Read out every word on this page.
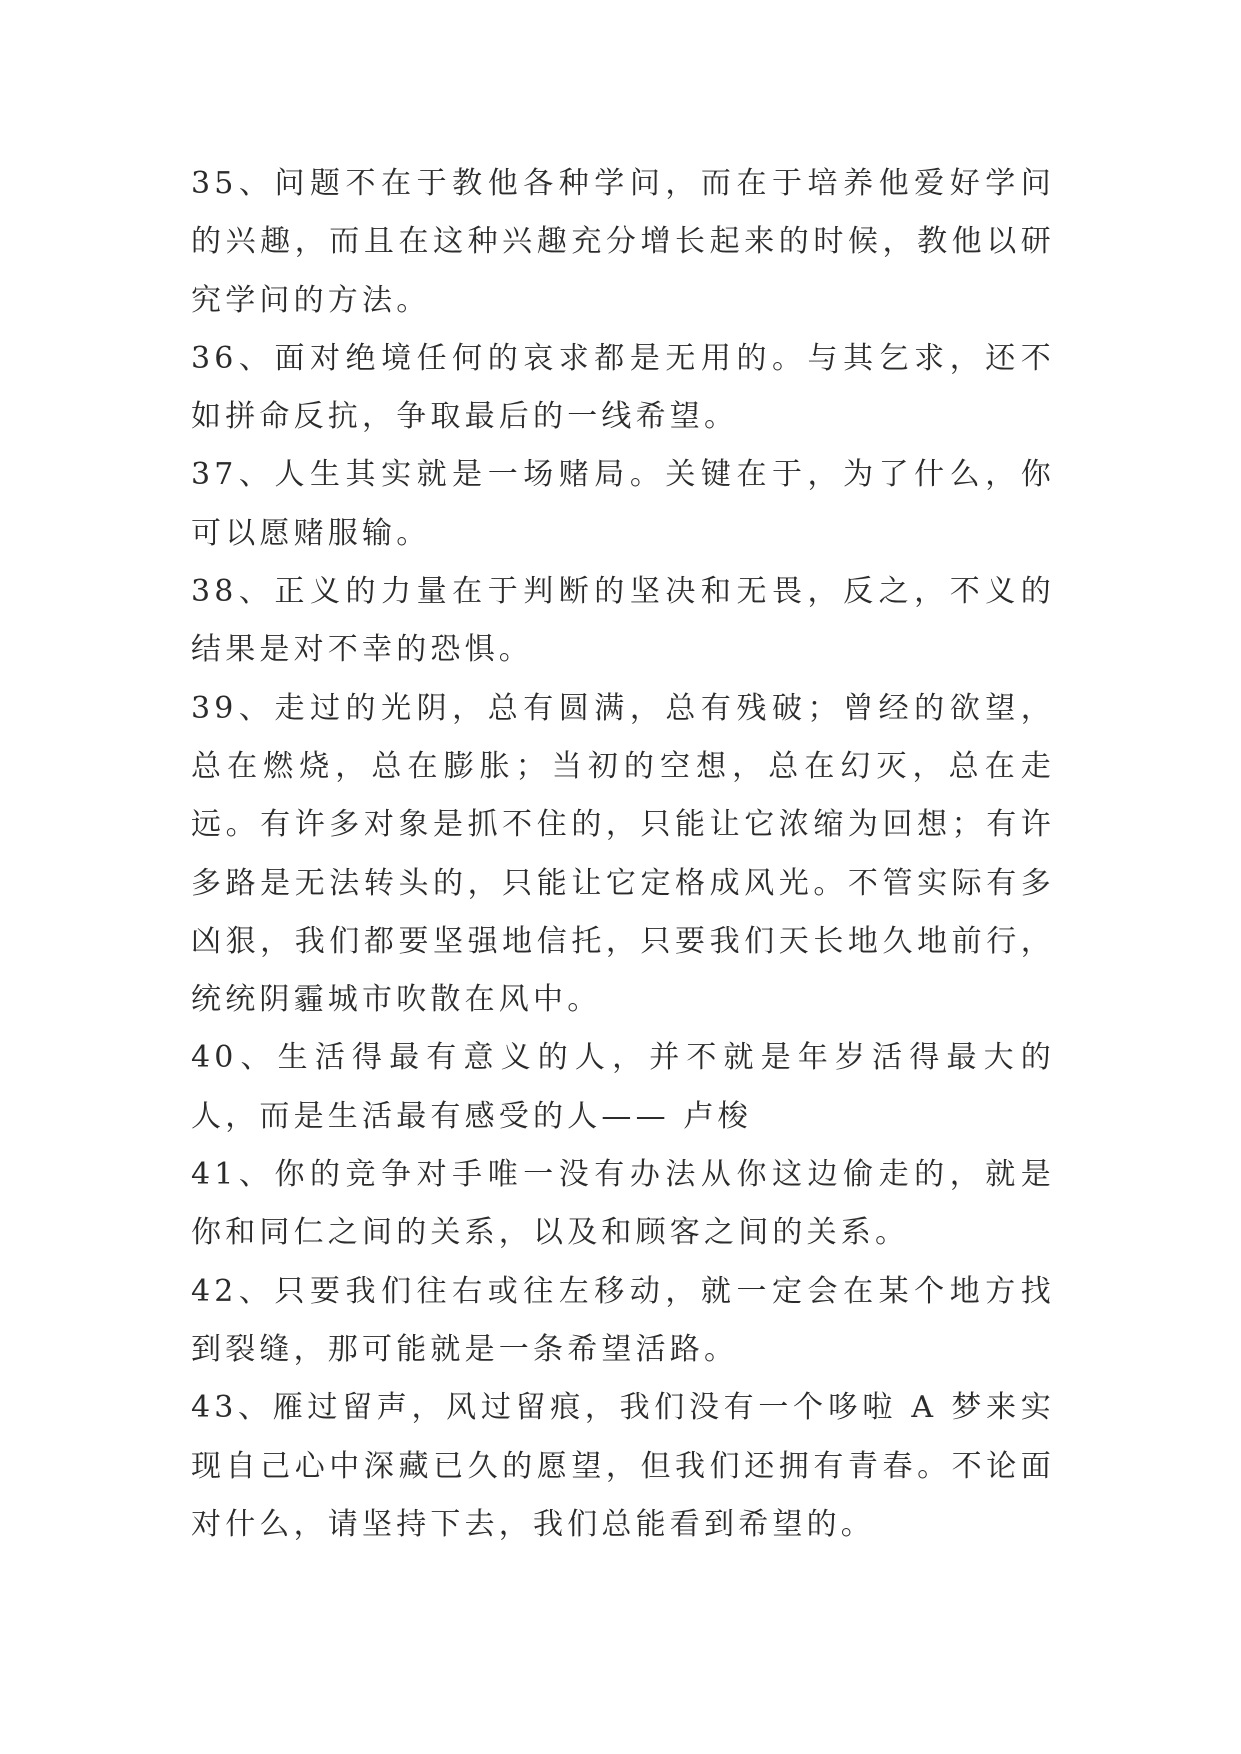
35、问题不在于教他各种学问，而在于培养他爱好学问的兴趣，而且在这种兴趣充分增长起来的时候，教他以研究学问的方法。

36、面对绝境任何的哀求都是无用的。与其乞求，还不如拼命反抗，争取最后的一线希望。

37、人生其实就是一场赌局。关键在于，为了什么，你可以愿赌服输。

38、正义的力量在于判断的坚决和无畏，反之，不义的结果是对不幸的恐惧。

39、走过的光阴，总有圆满，总有残破；曾经的欲望，总在燃烧，总在膨胀；当初的空想，总在幻灭，总在走远。有许多对象是抓不住的，只能让它浓缩为回想；有许多路是无法转头的，只能让它定格成风光。不管实际有多凶狠，我们都要坚强地信托，只要我们天长地久地前行，统统阴霾城市吹散在风中。

40、生活得最有意义的人，并不就是年岁活得最大的人，而是生活最有感受的人—— 卢梭

41、你的竞争对手唯一没有办法从你这边偷走的，就是你和同仁之间的关系，以及和顾客之间的关系。

42、只要我们往右或往左移动，就一定会在某个地方找到裂缝，那可能就是一条希望活路。

43、雁过留声，风过留痕，我们没有一个哆啦 A 梦来实现自己心中深藏已久的愿望，但我们还拥有青春。不论面对什么，请坚持下去，我们总能看到希望的。
